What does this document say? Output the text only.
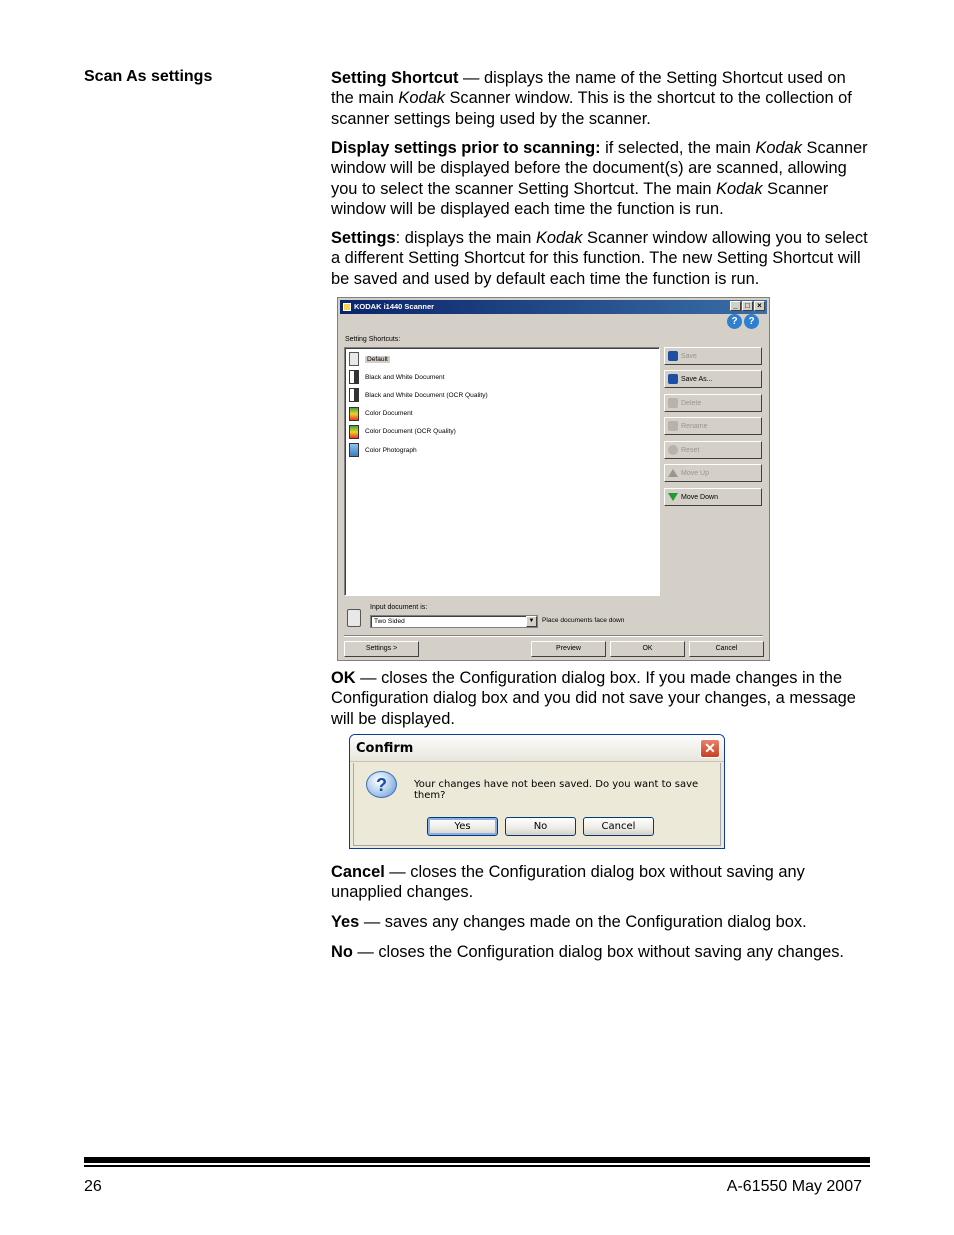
Scan As settings	Setting Shortcut — displays the name of the Setting Shortcut used on the main Kodak Scanner window. This is the shortcut to the collection of scanner settings being used by the scanner.

Display settings prior to scanning: if selected, the main Kodak Scanner window will be displayed before the document(s) are scanned, allowing you to select the scanner Setting Shortcut. The main Kodak Scanner window will be displayed each time the function is run.

Settings: displays the main Kodak Scanner window allowing you to select a different Setting Shortcut for this function. The new Setting Shortcut will be saved and used by default each time the function is run.

KODAK i1440 Scanner	_ □ ×
?	?
Setting Shortcuts:
Default
Black and White Document
Black and White Document (OCR Quality)
Color Document
Color Document (OCR Quality)
Color Photograph
Save
Save As...
Delete
Rename
Reset
Move Up
Move Down
Input document is:
Two Sided	▼	Place documents face down
Settings >	Preview	OK	Cancel

OK — closes the Configuration dialog box. If you made changes in the Configuration dialog box and you did not save your changes, a message will be displayed.

Confirm	✕
?	Your changes have not been saved. Do you want to save them?
Yes	No	Cancel

Cancel — closes the Configuration dialog box without saving any unapplied changes.

Yes — saves any changes made on the Configuration dialog box.

No — closes the Configuration dialog box without saving any changes.

26	A-61550 May 2007
